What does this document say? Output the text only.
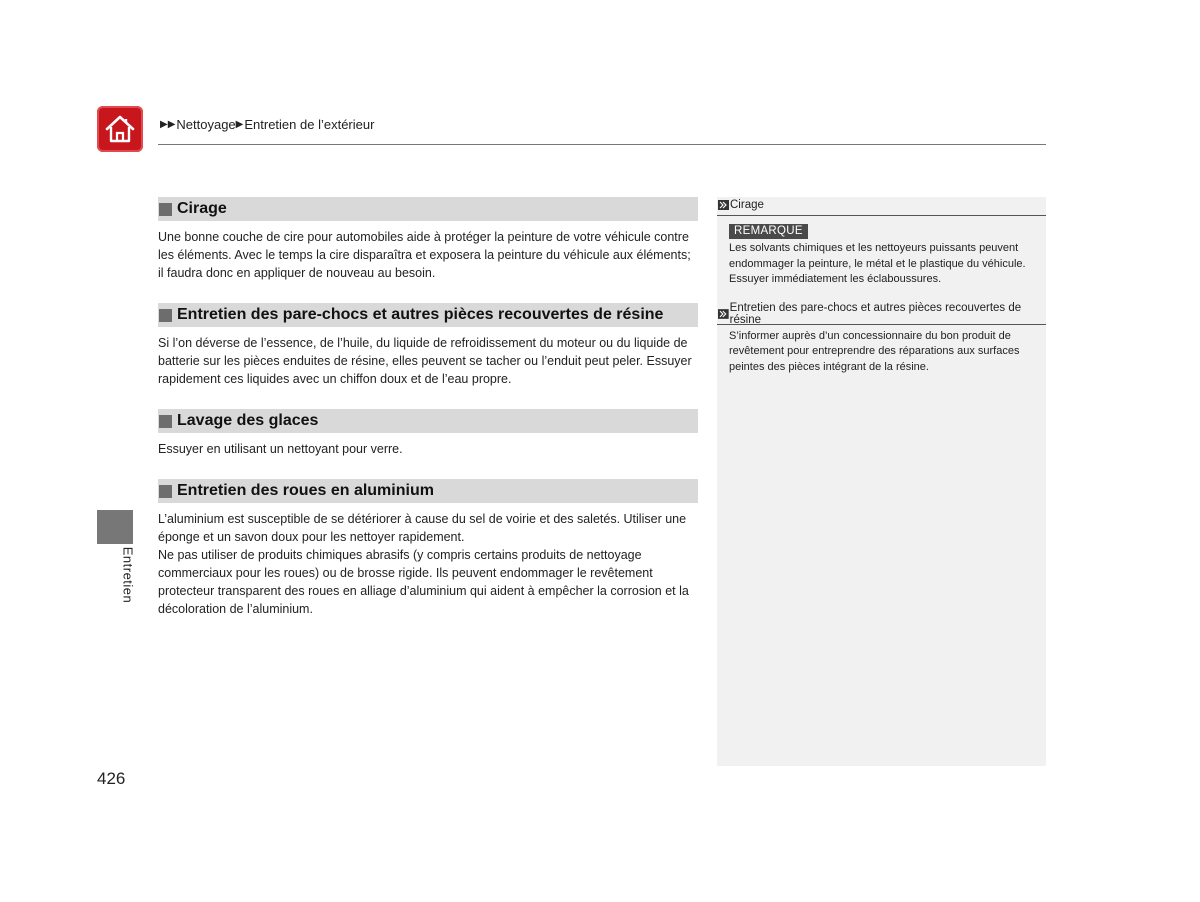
▶▶ Nettoyage ▶ Entretien de l’extérieur
Entretien
Cirage

Une bonne couche de cire pour automobiles aide à protéger la peinture de votre véhicule contre les éléments. Avec le temps la cire disparaîtra et exposera la peinture du véhicule aux éléments; il faudra donc en appliquer de nouveau au besoin.

Entretien des pare-chocs et autres pièces recouvertes de résine

Si l’on déverse de l’essence, de l’huile, du liquide de refroidissement du moteur ou du liquide de batterie sur les pièces enduites de résine, elles peuvent se tacher ou l’enduit peut peler. Essuyer rapidement ces liquides avec un chiffon doux et de l’eau propre.

Lavage des glaces

Essuyer en utilisant un nettoyant pour verre.

Entretien des roues en aluminium

L’aluminium est susceptible de se détériorer à cause du sel de voirie et des saletés. Utiliser une éponge et un savon doux pour les nettoyer rapidement.

Ne pas utiliser de produits chimiques abrasifs (y compris certains produits de nettoyage commerciaux pour les roues) ou de brosse rigide. Ils peuvent endommager le revêtement protecteur transparent des roues en alliage d’aluminium qui aident à empêcher la corrosion et la décoloration de l’aluminium.

Cirage
REMARQUE
Les solvants chimiques et les nettoyeurs puissants peuvent endommager la peinture, le métal et le plastique du véhicule. Essuyer immédiatement les éclaboussures.
Entretien des pare-chocs et autres pièces recouvertes de résine
S’informer auprès d’un concessionnaire du bon produit de revêtement pour entreprendre des réparations aux surfaces peintes des pièces intégrant de la résine.
426
